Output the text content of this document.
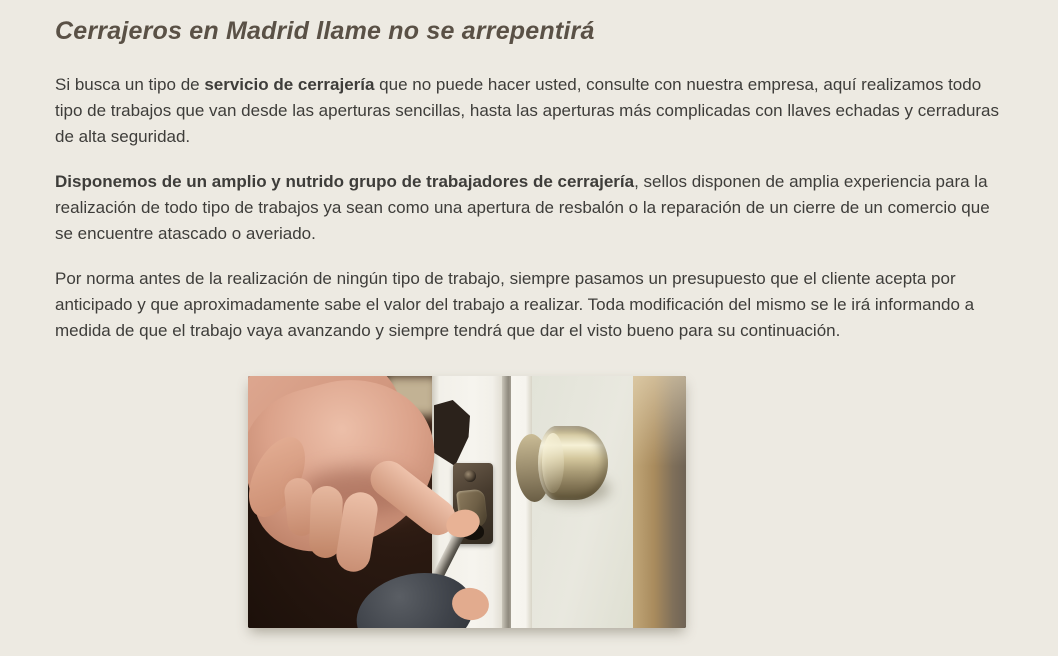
Cerrajeros en Madrid llame no se arrepentirá

Si busca un tipo de servicio de cerrajería que no puede hacer usted, consulte con nuestra empresa, aquí realizamos todo tipo de trabajos que van desde las aperturas sencillas, hasta las aperturas más complicadas con llaves echadas y cerraduras de alta seguridad.

Disponemos de un amplio y nutrido grupo de trabajadores de cerrajería, sellos disponen de amplia experiencia para la realización de todo tipo de trabajos ya sean como una apertura de resbalón o la reparación de un cierre de un comercio que se encuentre atascado o averiado.

Por norma antes de la realización de ningún tipo de trabajo, siempre pasamos un presupuesto que el cliente acepta por anticipado y que aproximadamente sabe el valor del trabajo a realizar. Toda modificación del mismo se le irá informando a medida de que el trabajo vaya avanzando y siempre tendrá que dar el visto bueno para su continuación.
